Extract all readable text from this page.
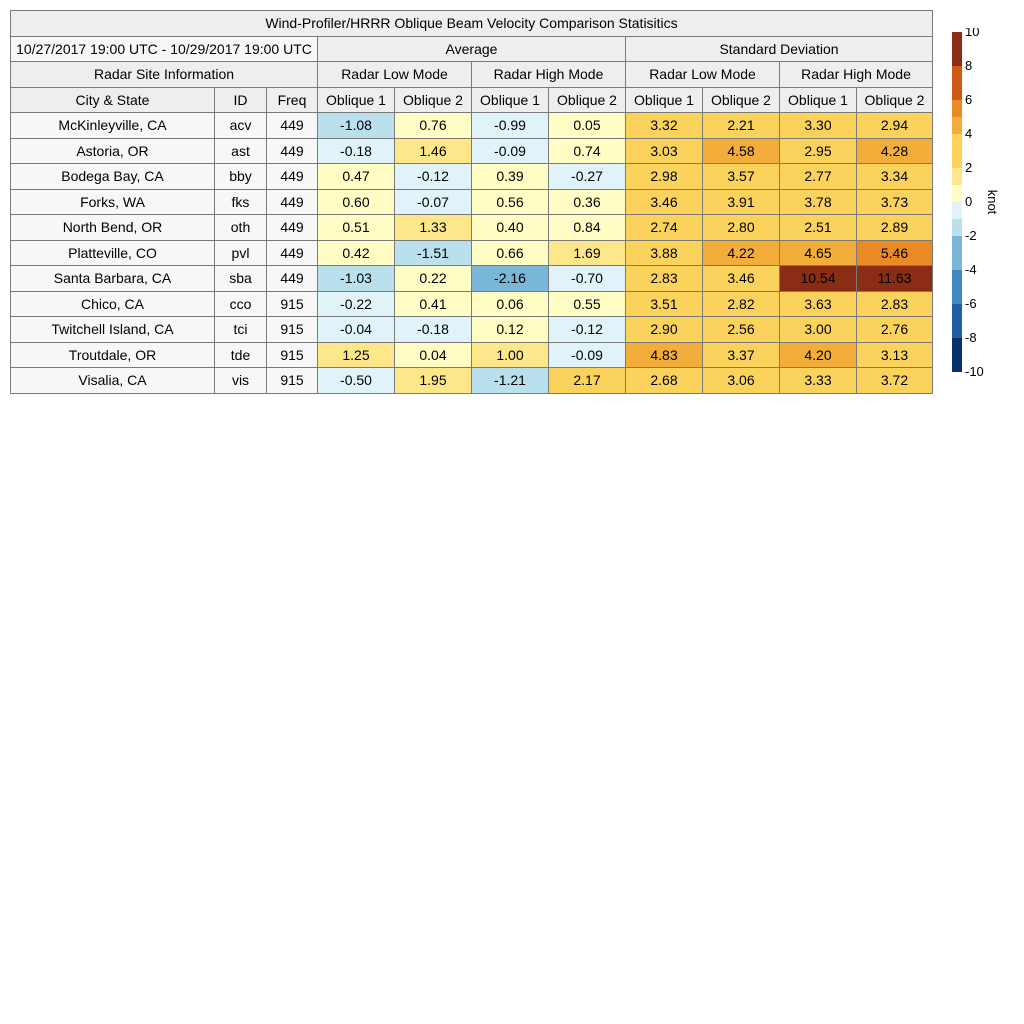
Wind-Profiler/HRRR Oblique Beam Velocity Comparison Statisitics										
10/27/2017 19:00 UTC - 10/29/2017 19:00 UTC			Average				Standard Deviation			
Radar Site Information			Radar Low Mode		Radar High Mode		Radar Low Mode		Radar High Mode	
City & State	ID	Freq	Oblique 1	Oblique 2	Oblique 1	Oblique 2	Oblique 1	Oblique 2	Oblique 1	Oblique 2
McKinleyville, CA	acv	449	-1.08	0.76	-0.99	0.05	3.32	2.21	3.30	2.94
Astoria, OR	ast	449	-0.18	1.46	-0.09	0.74	3.03	4.58	2.95	4.28
Bodega Bay, CA	bby	449	0.47	-0.12	0.39	-0.27	2.98	3.57	2.77	3.34
Forks, WA	fks	449	0.60	-0.07	0.56	0.36	3.46	3.91	3.78	3.73
North Bend, OR	oth	449	0.51	1.33	0.40	0.84	2.74	2.80	2.51	2.89
Platteville, CO	pvl	449	0.42	-1.51	0.66	1.69	3.88	4.22	4.65	5.46
Santa Barbara, CA	sba	449	-1.03	0.22	-2.16	-0.70	2.83	3.46	10.54	11.63
Chico, CA	cco	915	-0.22	0.41	0.06	0.55	3.51	2.82	3.63	2.83
Twitchell Island, CA	tci	915	-0.04	-0.18	0.12	-0.12	2.90	2.56	3.00	2.76
Troutdale, OR	tde	915	1.25	0.04	1.00	-0.09	4.83	3.37	4.20	3.13
Visalia, CA	vis	915	-0.50	1.95	-1.21	2.17	2.68	3.06	3.33	3.72
10
8
6
4
2
0
-2
-4
-6
-8
-10
knot
